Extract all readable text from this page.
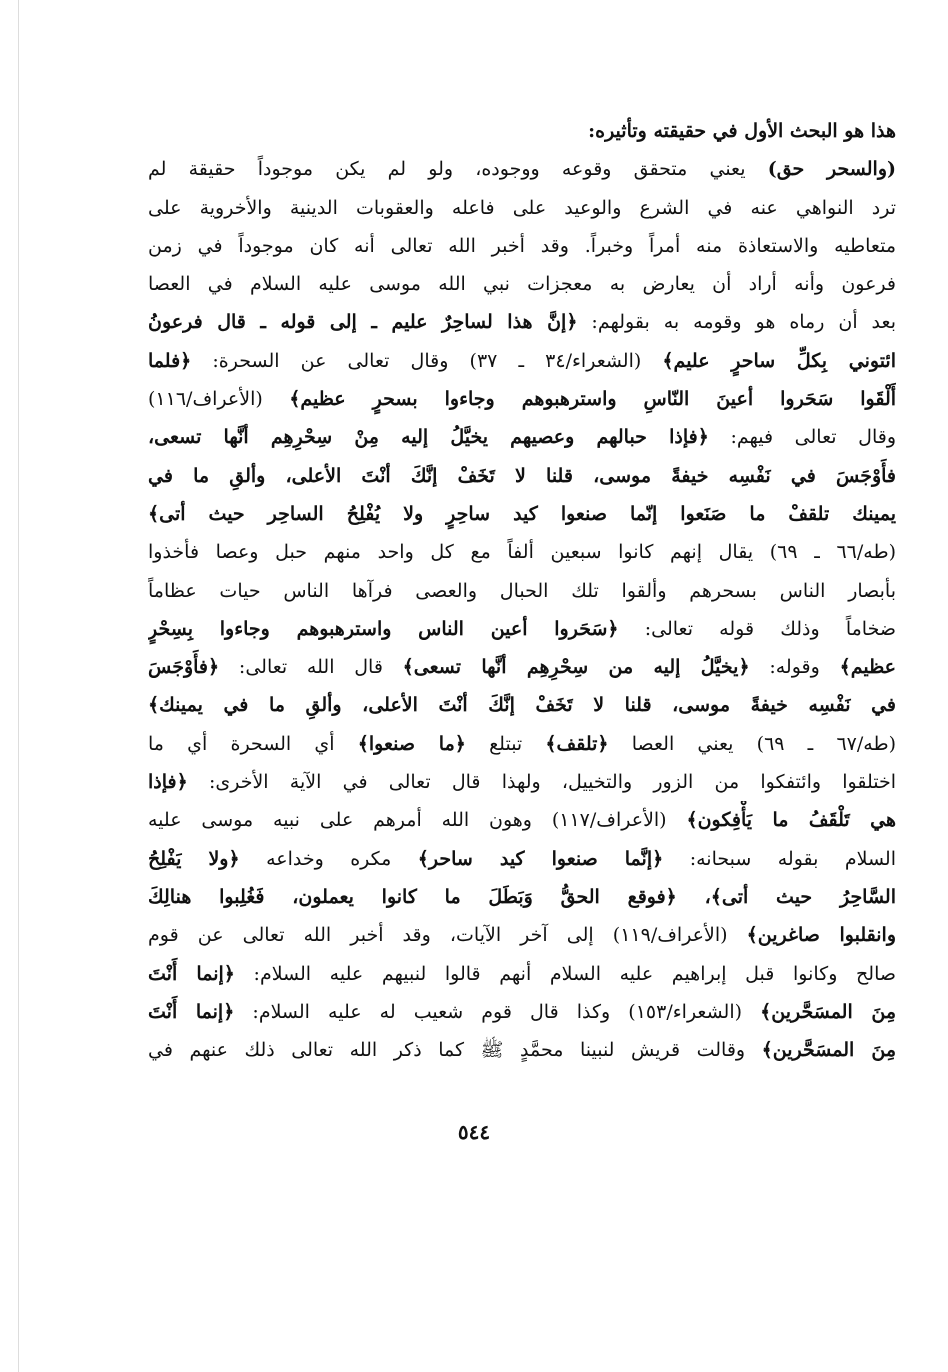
هذا هو البحث الأول في حقيقته وتأثيره:
(والسحر حق) يعني متحقق وقوعه ووجوده، ولو لم يكن موجوداً حقيقة لم
ترد النواهي عنه في الشرع والوعيد على فاعله والعقوبات الدينية والأخروية على
متعاطيه والاستعاذة منه أمراً وخبراً. وقد أخبر الله تعالى أنه كان موجوداً في زمن
فرعون وأنه أراد أن يعارض به معجزات نبي الله موسى عليه السلام في العصا
بعد أن رماه هو وقومه به بقولهم: ﴿إنَّ هذا لساحِرٌ عليم ـ إلى قوله ـ قال فرعونُ
ائتوني بِكلِّ ساحرٍ عليم﴾ (الشعراء/٣٤ ـ ٣٧) وقال تعالى عن السحرة: ﴿فلما
أَلْقَوا سَحَروا أعينَ النّاسِ واسترهبوهم وجاءوا بسحرٍ عظيم﴾ (الأعراف/١١٦)
وقال تعالى فيهم: ﴿فإذا حبالهم وعصيهم يخيَّلُ إليه مِنْ سِحْرِهِم أنَّها تسعى،
فأَوْجَسَ في نَفْسِه خيفةً موسى، قلنا لا تَخَفْ إنَّكَ أنْتَ الأعلى، وألقِ ما في
يمينك تلقفْ ما صَنَعوا إنّما صنعوا كيد ساحِرٍ ولا يُفْلِحُ الساحِر حيث أتى﴾
(طه/٦٦ ـ ٦٩) يقال إنهم كانوا سبعين ألفاً مع كل واحد منهم حبل وعصا فأخذوا
بأبصار الناس بسحرهم وألقوا تلك الحبال والعصى فرآها الناس حيات عظاماً
ضخاماً وذلك قوله تعالى: ﴿سَحَروا أعين الناس واسترهبوهم وجاءوا بِسِحْرٍ
عظيم﴾ وقوله: ﴿يخيَّلُ إليه من سِحْرِهِم أنَّها تسعى﴾ قال الله تعالى: ﴿فأَوْجَسَ
في نَفْسِه خيفةً موسى، قلنا لا تَخَفْ إنَّكَ أنْتَ الأعلى، وألقِ ما في يمينك﴾
(طه/٦٧ ـ ٦٩) يعني العصا ﴿تلقف﴾ تبتلع ﴿ما صنعوا﴾ أي السحرة أي ما
اختلقوا وائتفكوا من الزور والتخييل، ولهذا قال تعالى في الآية الأخرى: ﴿فإذا
هي تَلْقَفُ ما يَأْفِكون﴾ (الأعراف/١١٧) وهون الله أمرهم على نبيه موسى عليه
السلام بقوله سبحانه: ﴿إنَّما صنعوا كيد ساحر﴾ مكره وخداعه ﴿ولا يَفْلِحُ
السَّاحِرُ حيث أتى﴾، ﴿فوقع الحقُّ وَبَطَلَ ما كانوا يعملون، فَغُلِبوا هنالِكَ
وانقلبوا صاغرين﴾ (الأعراف/١١٩) إلى آخر الآيات، وقد أخبر الله تعالى عن قوم
صالح وكانوا قبل إبراهيم عليه السلام أنهم قالوا لنبيهم عليه السلام: ﴿إنما أَنْتَ
مِنَ المسَحَّرين﴾ (الشعراء/١٥٣) وكذا قال قوم شعيب له عليه السلام: ﴿إنما أَنْتَ
مِنَ المسَحَّرين﴾ وقالت قريش لنبينا محمَّدٍ ﷺ كما ذكر الله تعالى ذلك عنهم في
٥٤٤
